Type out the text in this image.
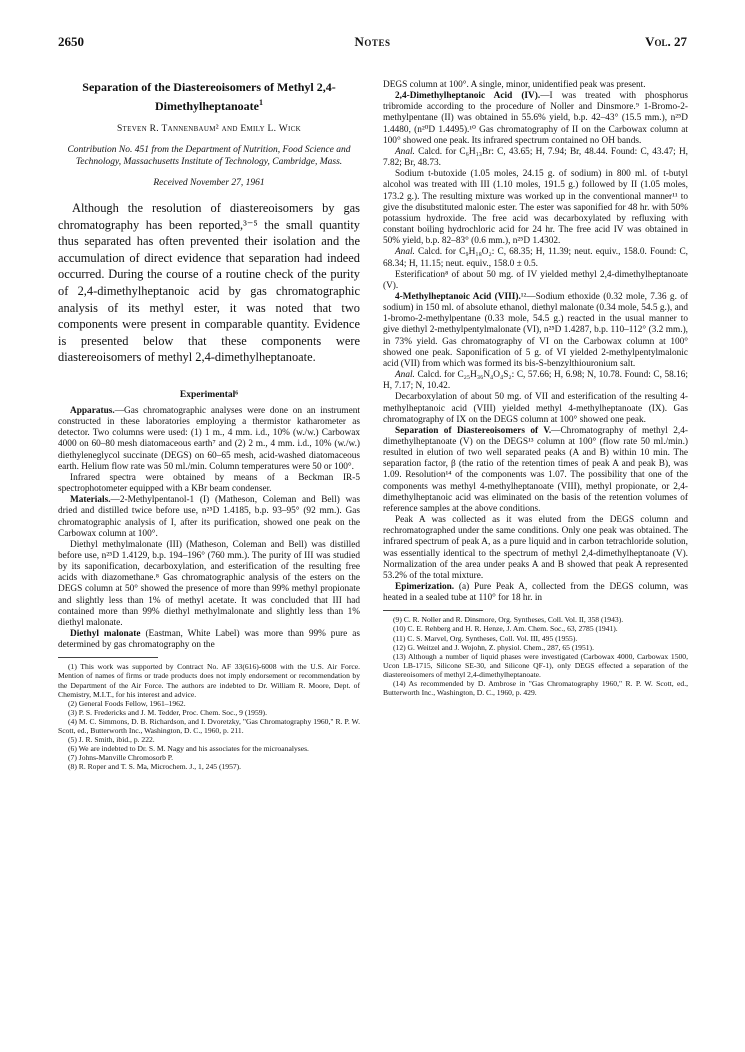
2650	Notes	Vol. 27
Separation of the Diastereoisomers of Methyl 2,4-Dimethylheptanoate$^1$
Steven R. Tannenbaum² and Emily L. Wick
Contribution No. 451 from the Department of Nutrition, Food Science and Technology, Massachusetts Institute of Technology, Cambridge, Mass.
Received November 27, 1961

Although the resolution of diastereoisomers by gas chromatography has been reported,³⁻⁵ the small quantity thus separated has often prevented their isolation and the accumulation of direct evidence that separation had indeed occurred. During the course of a routine check of the purity of 2,4-dimethylheptanoic acid by gas chromatographic analysis of its methyl ester, it was noted that two components were present in comparable quantity. Evidence is presented below that these components were diastereoisomers of methyl 2,4-dimethylheptanoate.

Experimental⁶

Apparatus.—Gas chromatographic analyses were done on an instrument constructed in these laboratories employing a thermistor katharometer as detector. Two columns were used: (1) 1 m., 4 mm. i.d., 10% (w./w.) Carbowax 4000 on 60–80 mesh diatomaceous earth⁷ and (2) 2 m., 4 mm. i.d., 10% (w./w.) diethyleneglycol succinate (DEGS) on 60–65 mesh, acid-washed diatomaceous earth. Helium flow rate was 50 ml./min. Column temperatures were 50 or 100°.

Infrared spectra were obtained by means of a Beckman IR-5 spectrophotometer equipped with a KBr beam condenser.

Materials.—2-Methylpentanol-1 (I) (Matheson, Coleman and Bell) was dried and distilled twice before use, n²⁵D 1.4185, b.p. 93–95° (92 mm.). Gas chromatographic analysis of I, after its purification, showed one peak on the Carbowax column at 100°.

Diethyl methylmalonate (III) (Matheson, Coleman and Bell) was distilled before use, n²⁵D 1.4129, b.p. 194–196° (760 mm.). The purity of III was studied by its saponification, decarboxylation, and esterification of the resulting free acids with diazomethane.⁸ Gas chromatographic analysis of the esters on the DEGS column at 50° showed the presence of more than 99% methyl propionate and slightly less than 1% of methyl acetate. It was concluded that III had contained more than 99% diethyl methylmalonate and slightly less than 1% diethyl malonate.

Diethyl malonate (Eastman, White Label) was more than 99% pure as determined by gas chromatography on the

(1) This work was supported by Contract No. AF 33(616)-6008 with the U.S. Air Force. Mention of names of firms or trade products does not imply endorsement or recommendation by the Department of the Air Force. The authors are indebted to Dr. William R. Moore, Dept. of Chemistry, M.I.T., for his interest and advice.
(2) General Foods Fellow, 1961–1962.
(3) P. S. Fredericks and J. M. Tedder, Proc. Chem. Soc., 9 (1959).
(4) M. C. Simmons, D. B. Richardson, and I. Dvoretzky, "Gas Chromatography 1960," R. P. W. Scott, ed., Butterworth Inc., Washington, D. C., 1960, p. 211.
(5) J. R. Smith, ibid., p. 222.
(6) We are indebted to Dr. S. M. Nagy and his associates for the microanalyses.
(7) Johns-Manville Chromosorb P.
(8) R. Roper and T. S. Ma, Microchem. J., 1, 245 (1957).

DEGS column at 100°. A single, minor, unidentified peak was present.

2,4-Dimethylheptanoic Acid (IV).—I was treated with phosphorus tribromide according to the procedure of Noller and Dinsmore.⁹ 1-Bromo-2-methylpentane (II) was obtained in 55.6% yield, b.p. 42–43° (15.5 mm.), n²⁵D 1.4480, (n²⁰D 1.4495).¹⁰ Gas chromatography of II on the Carbowax column at 100° showed one peak. Its infrared spectrum contained no OH bands.

Anal. Calcd. for C₆H₁₃Br: C, 43.65; H, 7.94; Br, 48.44. Found: C, 43.47; H, 7.82; Br, 48.73.

Sodium t-butoxide (1.05 moles, 24.15 g. of sodium) in 800 ml. of t-butyl alcohol was treated with III (1.10 moles, 191.5 g.) followed by II (1.05 moles, 173.2 g.). The resulting mixture was worked up in the conventional manner¹¹ to give the disubstituted malonic ester. The ester was saponified for 48 hr. with 50% potassium hydroxide. The free acid was decarboxylated by refluxing with constant boiling hydrochloric acid for 24 hr. The free acid IV was obtained in 50% yield, b.p. 82–83° (0.6 mm.), n²⁵D 1.4302.

Anal. Calcd. for C₉H₁₈O₂: C, 68.35; H, 11.39; neut. equiv., 158.0. Found: C, 68.34; H, 11.15; neut. equiv., 158.0 ± 0.5.

Esterification⁸ of about 50 mg. of IV yielded methyl 2,4-dimethylheptanoate (V).

4-Methylheptanoic Acid (VIII).¹²—Sodium ethoxide (0.32 mole, 7.36 g. of sodium) in 150 ml. of absolute ethanol, diethyl malonate (0.34 mole, 54.5 g.), and 1-bromo-2-methylpentane (0.33 mole, 54.5 g.) reacted in the usual manner to give diethyl 2-methylpentylmalonate (VI), n²⁵D 1.4287, b.p. 110–112° (3.2 mm.), in 73% yield. Gas chromatography of VI on the Carbowax column at 100° showed one peak. Saponification of 5 g. of VI yielded 2-methylpentylmalonic acid (VII) from which was formed its bis-S-benzylthiouronium salt.

Anal. Calcd. for C₂₅H₃₆N₄O₄S₂: C, 57.66; H, 6.98; N, 10.78. Found: C, 58.16; H, 7.17; N, 10.42.

Decarboxylation of about 50 mg. of VII and esterification of the resulting 4-methylheptanoic acid (VIII) yielded methyl 4-methylheptanoate (IX). Gas chromatography of IX on the DEGS column at 100° showed one peak.

Separation of Diastereoisomers of V.—Chromatography of methyl 2,4-dimethylheptanoate (V) on the DEGS¹³ column at 100° (flow rate 50 ml./min.) resulted in elution of two well separated peaks (A and B) within 10 min. The separation factor, β (the ratio of the retention times of peak A and peak B), was 1.09. Resolution¹⁴ of the components was 1.07. The possibility that one of the components was methyl 4-methylheptanoate (VIII), methyl propionate, or 2,4-dimethylheptanoic acid was eliminated on the basis of the retention volumes of reference samples at the above conditions.

Peak A was collected as it was eluted from the DEGS column and rechromatographed under the same conditions. Only one peak was obtained. The infrared spectrum of peak A, as a pure liquid and in carbon tetrachloride solution, was essentially identical to the spectrum of methyl 2,4-dimethylheptanoate (V). Normalization of the area under peaks A and B showed that peak A represented 53.2% of the total mixture.

Epimerization. (a) Pure Peak A, collected from the DEGS column, was heated in a sealed tube at 110° for 18 hr. in

(9) C. R. Noller and R. Dinsmore, Org. Syntheses, Coll. Vol. II, 358 (1943).
(10) C. E. Rehberg and H. R. Henze, J. Am. Chem. Soc., 63, 2785 (1941).
(11) C. S. Marvel, Org. Syntheses, Coll. Vol. III, 495 (1955).
(12) G. Weitzel and J. Wojohn, Z. physiol. Chem., 287, 65 (1951).
(13) Although a number of liquid phases were investigated (Carbowax 4000, Carbowax 1500, Ucon LB-1715, Silicone SE-30, and Silicone QF-1), only DEGS effected a separation of the diastereoisomers of methyl 2,4-dimethylheptanoate.
(14) As recommended by D. Ambrose in "Gas Chromatography 1960," R. P. W. Scott, ed., Butterworth Inc., Washington, D. C., 1960, p. 429.
